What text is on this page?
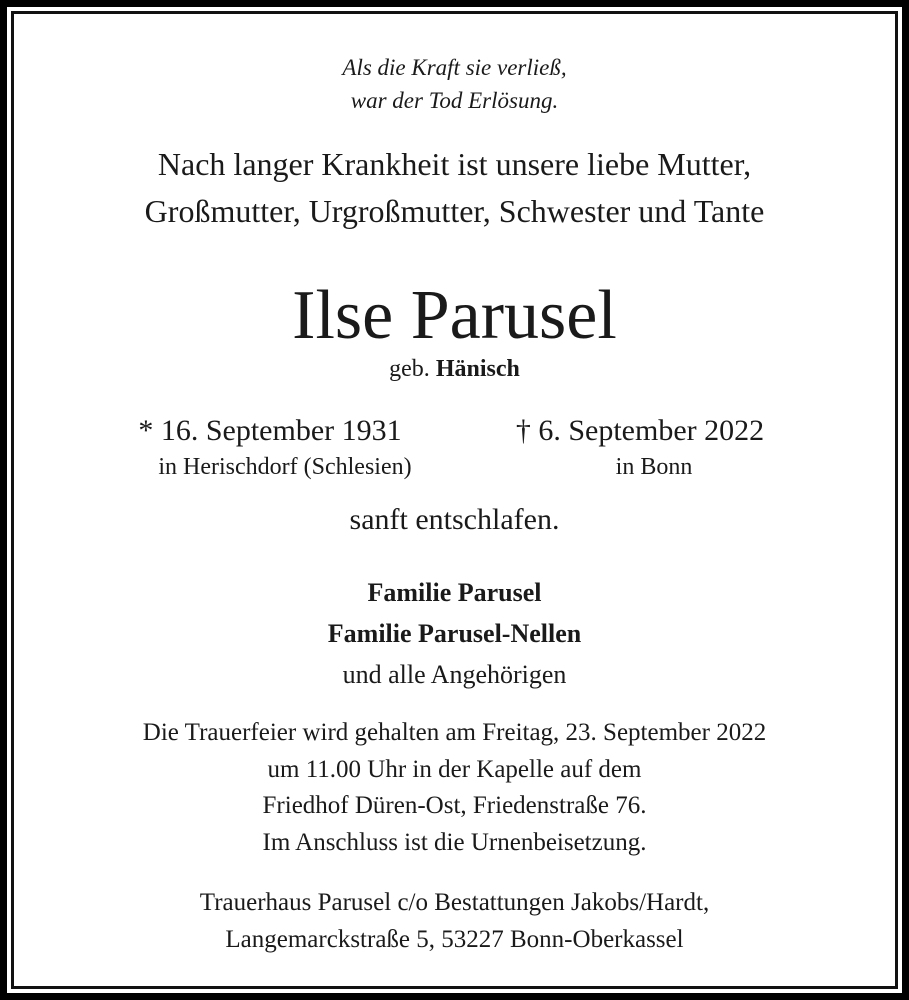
Als die Kraft sie verließ,
war der Tod Erlösung.
Nach langer Krankheit ist unsere liebe Mutter,
Großmutter, Urgroßmutter, Schwester und Tante
Ilse Parusel
geb. Hänisch
* 16. September 1931
in Herischdorf (Schlesien)
† 6. September 2022
in Bonn
sanft entschlafen.
Familie Parusel
Familie Parusel-Nellen
und alle Angehörigen
Die Trauerfeier wird gehalten am Freitag, 23. September 2022
um 11.00 Uhr in der Kapelle auf dem
Friedhof Düren-Ost, Friedenstraße 76.
Im Anschluss ist die Urnenbeisetzung.
Trauerhaus Parusel c/o Bestattungen Jakobs/Hardt,
Langemarckstraße 5, 53227 Bonn-Oberkassel
